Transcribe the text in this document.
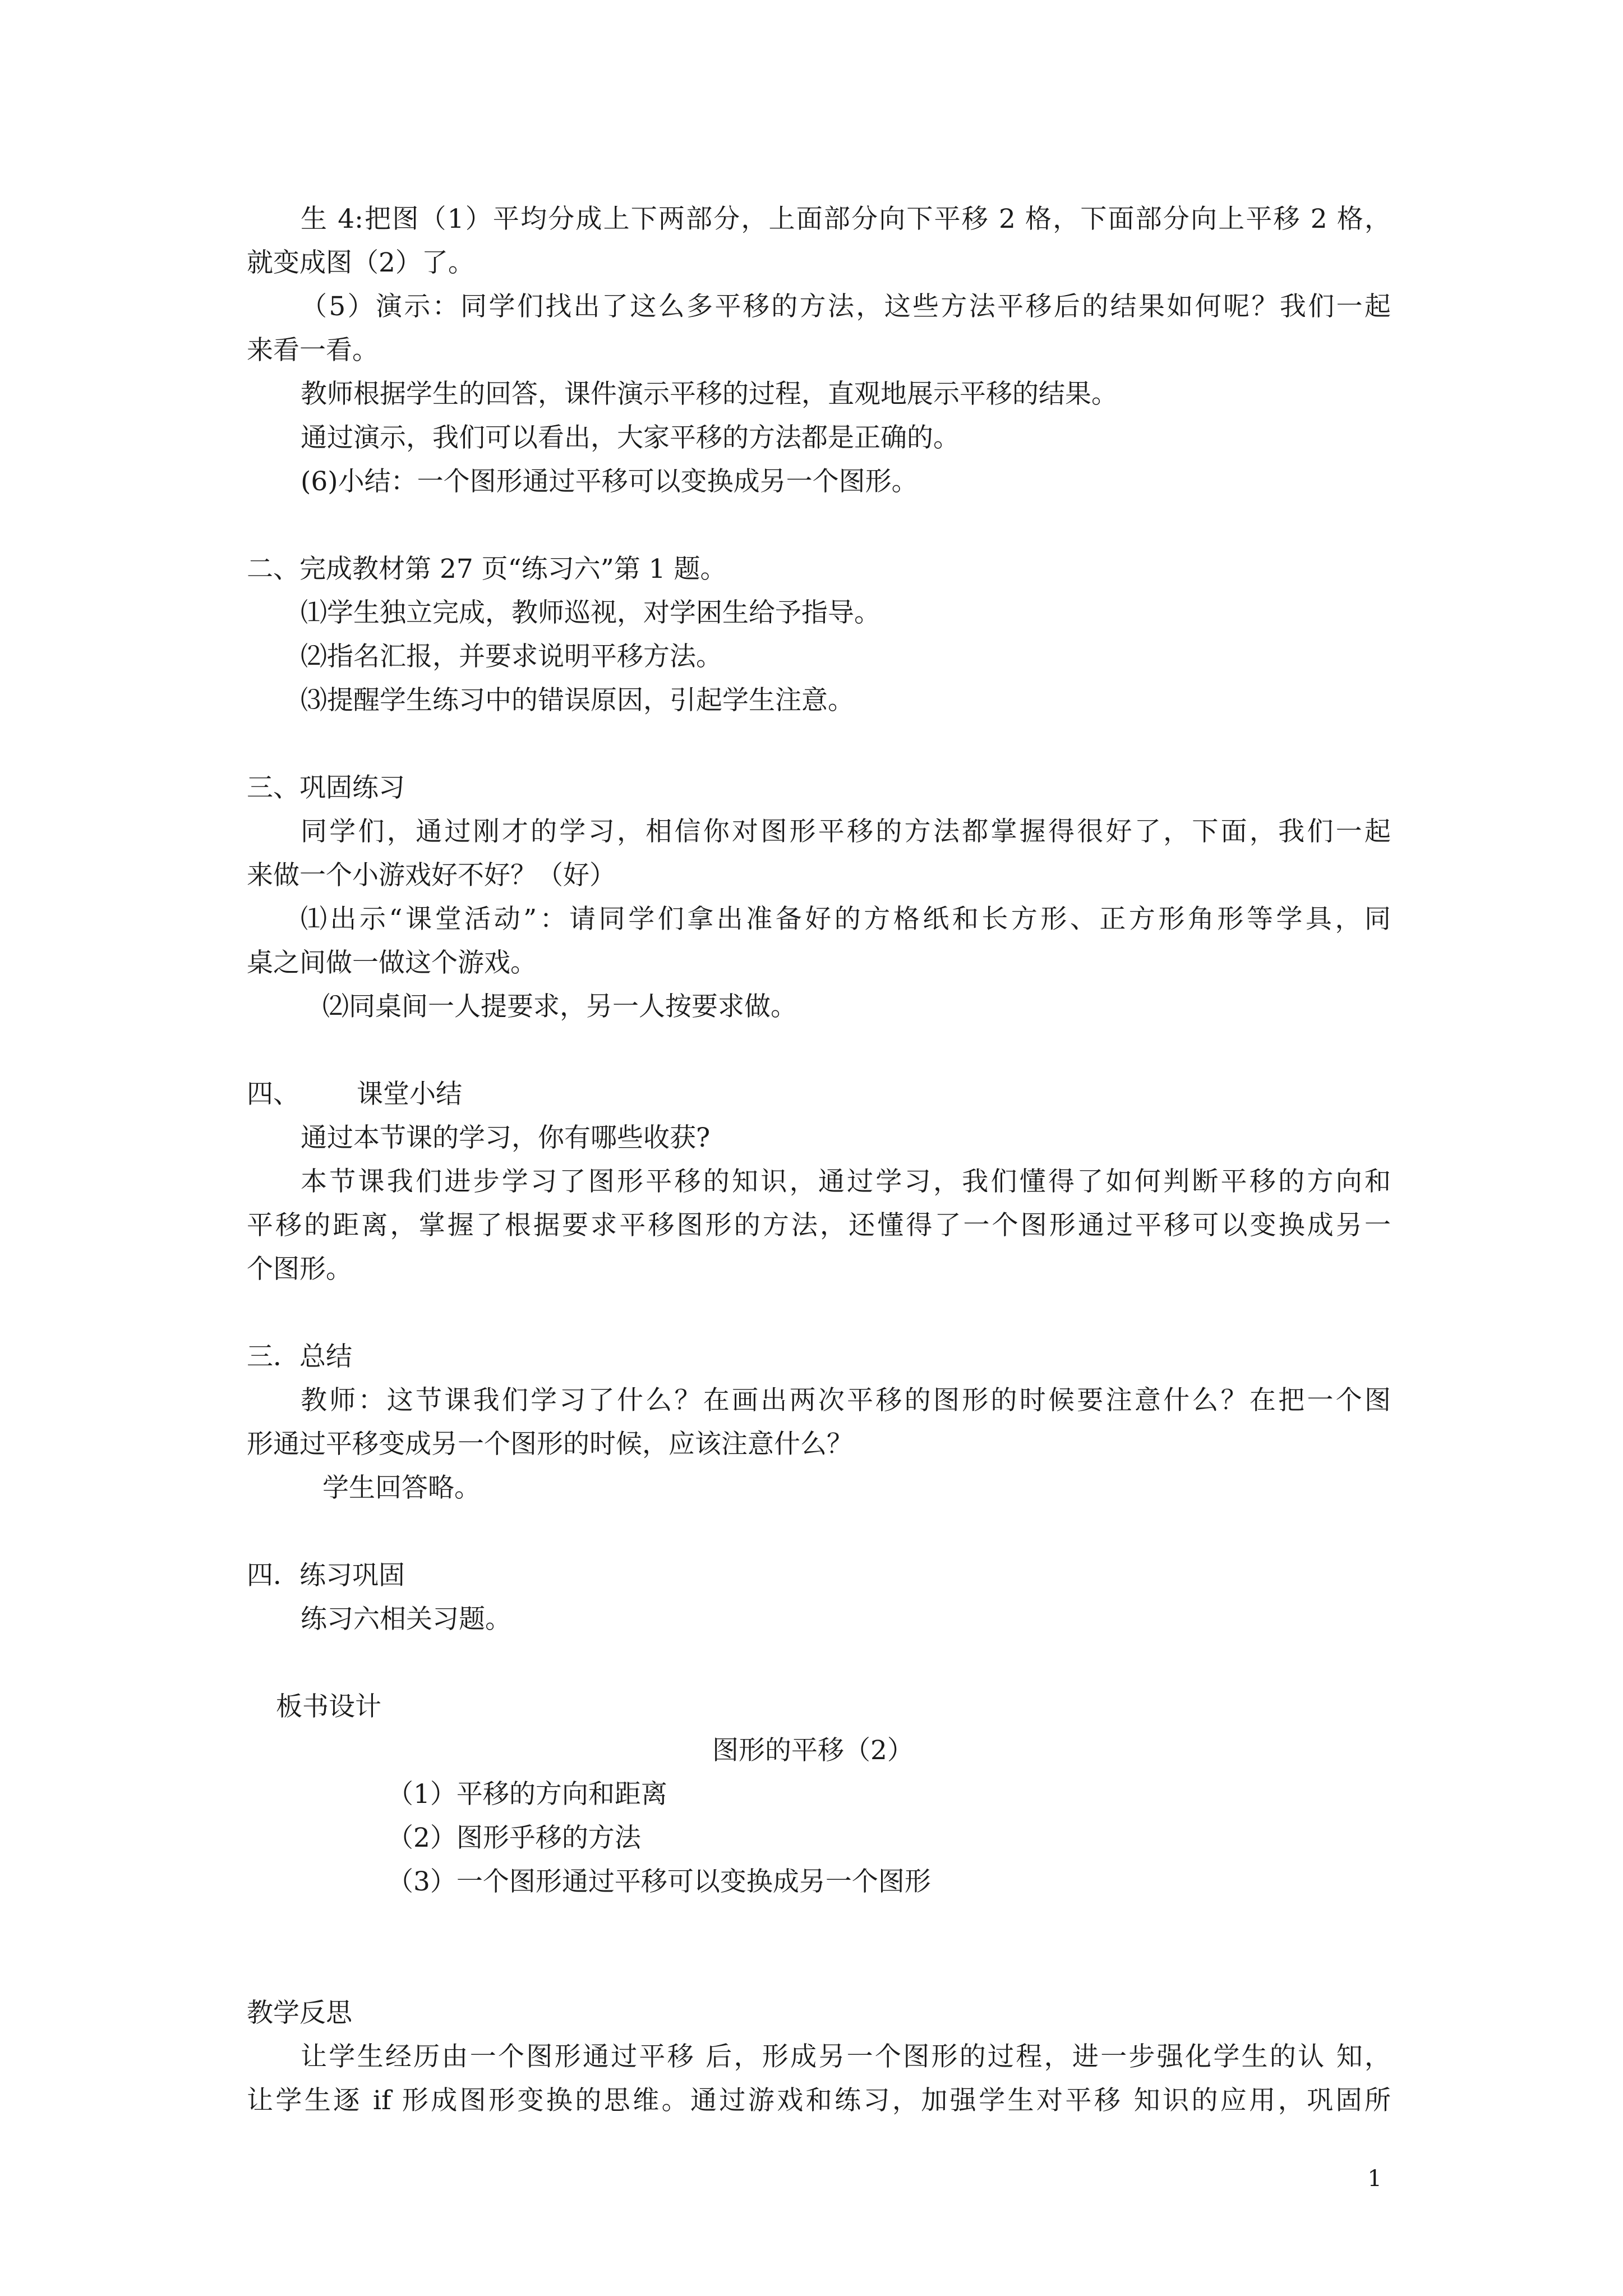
生 4:把图（1）平均分成上下两部分，上面部分向下平移 2 格，下面部分向上平移 2 格，
就变成图（2）了。
（5）演示：同学们找出了这么多平移的方法，这些方法平移后的结果如何呢？我们一起
来看一看。
教师根据学生的回答，课件演示平移的过程，直观地展示平移的结果。
通过演示，我们可以看出，大家平移的方法都是正确的。
(6)小结：一个图形通过平移可以变换成另一个图形。
二、完成教材第 27 页“练习六”第 1 题。
⑴学生独立完成，教师巡视，对学困生给予指导。
⑵指名汇报，并要求说明平移方法。
⑶提醒学生练习中的错误原因，引起学生注意。
三、巩固练习
同学们，通过刚才的学习，相信你对图形平移的方法都掌握得很好了，下面，我们一起
来做一个小游戏好不好？（好）
⑴出示“课堂活动”：请同学们拿出准备好的方格纸和长方形、正方形角形等学具，同
桌之间做一做这个游戏。
⑵同桌间一人提要求，另一人按要求做。
四、 课堂小结
通过本节课的学习，你有哪些收获?
本节课我们进步学习了图形平移的知识，通过学习，我们懂得了如何判断平移的方向和
平移的距离，掌握了根据要求平移图形的方法，还懂得了一个图形通过平移可以变换成另一
个图形。
三．总结
教师：这节课我们学习了什么？在画出两次平移的图形的时候要注意什么？在把一个图
形通过平移变成另一个图形的时候，应该注意什么？
学生回答略。
四．练习巩固
练习六相关习题。
板书设计
图形的平移（2）
（1）平移的方向和距离
（2）图形乎移的方法
（3）一个图形通过平移可以变换成另一个图形
教学反思
让学生经历由一个图形通过平移 后，形成另一个图形的过程，进一步强化学生的认 知，
让学生逐 if 形成图形变换的思维。通过游戏和练习，加强学生对平移 知识的应用，巩固所
1
